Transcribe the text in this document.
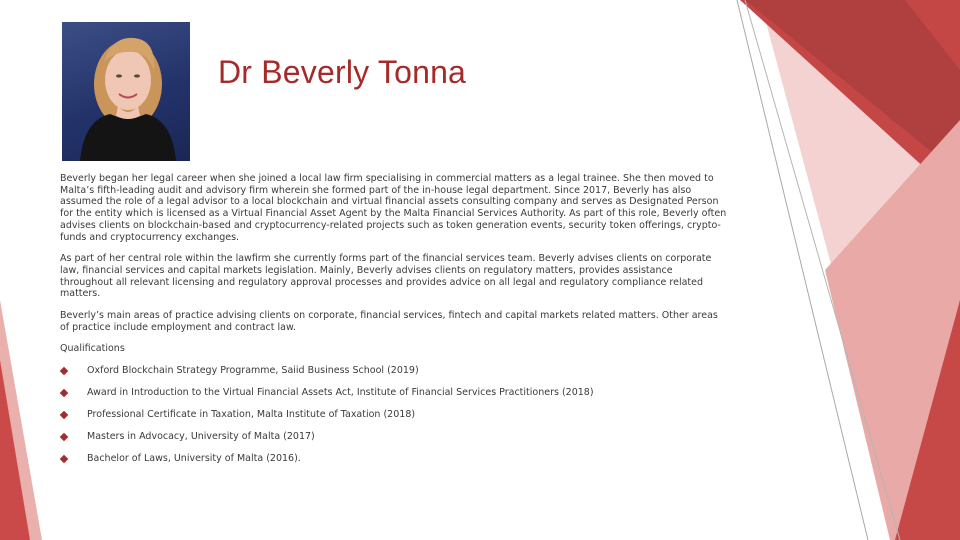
Dr Beverly Tonna

Beverly began her legal career when she joined a local law firm specialising in commercial matters as a legal trainee. She then moved to Malta’s fifth-leading audit and advisory firm wherein she formed part of the in-house legal department. Since 2017, Beverly has also assumed the role of a legal advisor to a local blockchain and virtual financial assets consulting company and serves as Designated Person for the entity which is licensed as a Virtual Financial Asset Agent by the Malta Financial Services Authority. As part of this role, Beverly often advises clients on blockchain-based and cryptocurrency-related projects such as token generation events, security token offerings, crypto-funds and cryptocurrency exchanges.

As part of her central role within the lawfirm she currently forms part of the financial services team. Beverly advises clients on corporate law, financial services and capital markets legislation. Mainly, Beverly advises clients on regulatory matters, provides assistance throughout all relevant licensing and regulatory approval processes and provides advice on all legal and regulatory compliance related matters.

Beverly’s main areas of practice advising clients on corporate, financial services, fintech and capital markets related matters. Other areas of practice include employment and contract law.

Qualifications

Oxford Blockchain Strategy Programme, Saiid Business School (2019)
Award in Introduction to the Virtual Financial Assets Act, Institute of Financial Services Practitioners (2018)
Professional Certificate in Taxation, Malta Institute of Taxation (2018)
Masters in Advocacy, University of Malta (2017)
Bachelor of Laws, University of Malta (2016).
